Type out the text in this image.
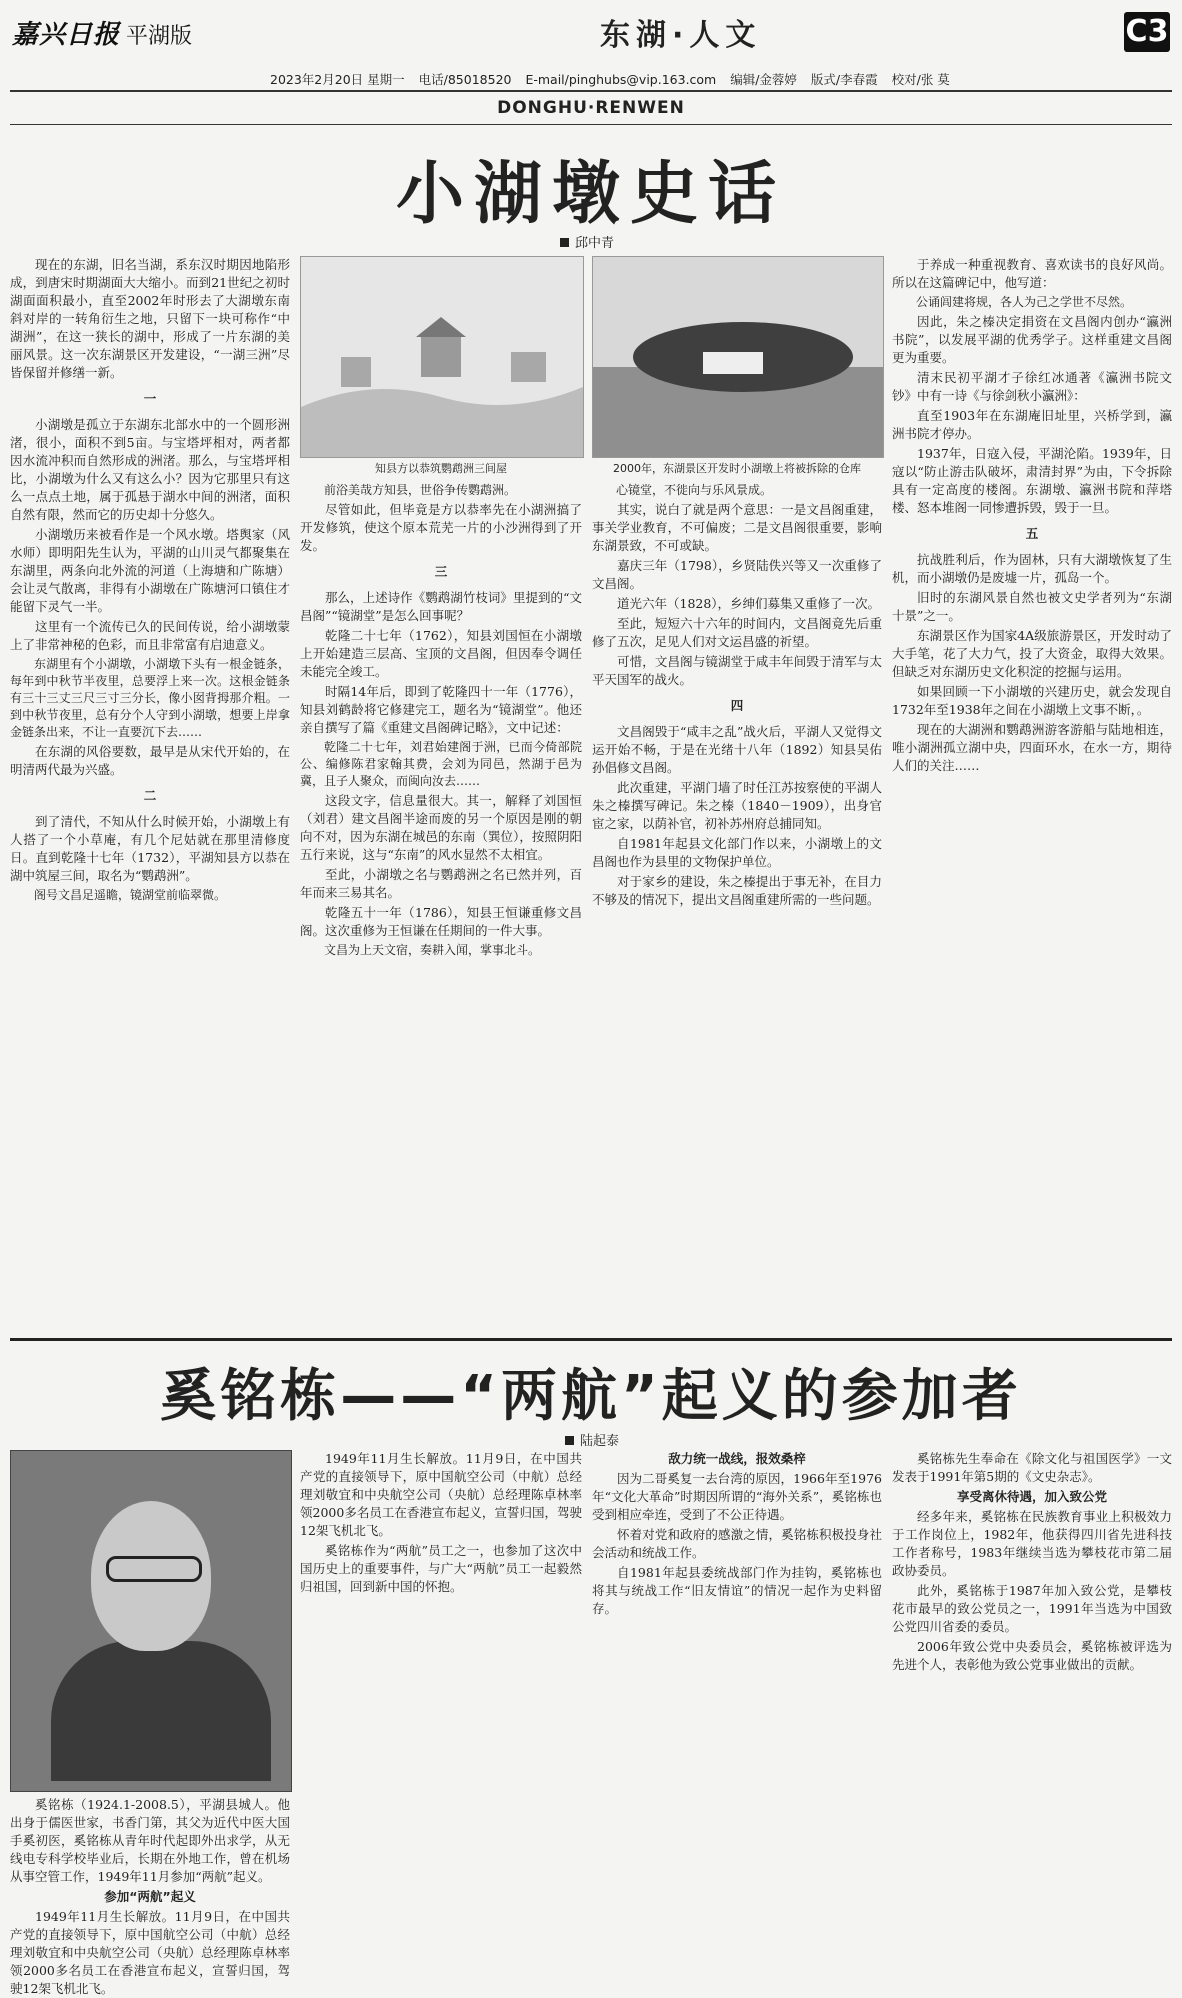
嘉兴日报 平湖版	东湖·人文	C3
2023年2月20日 星期一 电话/85018520 E-mail/pinghubs@vip.163.com 编辑/金蓉婷 版式/李春霞 校对/张 莫
DONGHU·RENWEN
小湖墩史话
邱中青

现在的东湖，旧名当湖，系东汉时期因地陷形成，到唐宋时期湖面大大缩小。而到21世纪之初时湖面面积最小，直至2002年时形去了大湖墩东南斜对岸的一转角衍生之地，只留下一块可称作“中湖洲”，在这一狭长的湖中，形成了一片东湖的美丽风景。这一次东湖景区开发建设，“一湖三洲”尽皆保留并修缮一新。

一

小湖墩是孤立于东湖东北部水中的一个圆形洲渚，很小，面积不到5亩。与宝塔坪相对，两者都因水流冲积而自然形成的洲渚。那么，与宝塔坪相比，小湖墩为什么又有这么小？因为它那里只有这么一点点土地，属于孤悬于湖水中间的洲渚，面积自然有限，然而它的历史却十分悠久。

小湖墩历来被看作是一个风水墩。塔舆家（风水师）即明阳先生认为，平湖的山川灵气都聚集在东湖里，两条向北外流的河道（上海塘和广陈塘）会让灵气散离，非得有小湖墩在广陈塘河口镇住才能留下灵气一半。

这里有一个流传已久的民间传说，给小湖墩蒙上了非常神秘的色彩，而且非常富有启迪意义。

东湖里有个小湖墩，小湖墩下头有一根金链条，每年到中秋节半夜里，总要浮上来一次。这根金链条有三十三丈三尺三寸三分长，像小囡背拇那介粗。一到中秋节夜里，总有分个人守到小湖墩，想要上岸拿金链条出来，不让一直要沉下去……

在东湖的风俗要数，最早是从宋代开始的，在明清两代最为兴盛。

二

到了清代，不知从什么时候开始，小湖墩上有人搭了一个小草庵，有几个尼姑就在那里清修度日。直到乾隆十七年（1732），平湖知县方以恭在湖中筑屋三间，取名为“鹦鹉洲”。

阁号文昌足遥瞻，镜湖堂前临翠微。

知县方以恭筑鹦鹉洲三间屋	2000年，东湖景区开发时小湖墩上将被拆除的仓库

前浴美哉方知县，世俗争传鹦鹉洲。

尽管如此，但毕竟是方以恭率先在小湖洲搞了开发修筑，使这个原本荒芜一片的小沙洲得到了开发。

三

那么，上述诗作《鹦鹉湖竹枝词》里提到的“文昌阁”“镜湖堂”是怎么回事呢？

乾隆二十七年（1762），知县刘国恒在小湖墩上开始建造三层高、宝顶的文昌阁，但因奉令调任未能完全竣工。

时隔14年后，即到了乾隆四十一年（1776），知县刘鹤龄将它修建完工，题名为“镜湖堂”。他还亲自撰写了篇《重建文昌阁碑记略》，文中记述：

乾隆二十七年，刘君始建阁于洲，已而今倚部院公、编修陈君家翰其费，会刘为同邑，然湖于邑为冀，且子人聚众，而闽向汝去……

这段文字，信息量很大。其一，解释了刘国恒（刘君）建文昌阁半途而废的另一个原因是刚的朝向不对，因为东湖在城邑的东南（巽位），按照阴阳五行来说，这与“东南”的风水显然不太相宜。

至此，小湖墩之名与鹦鹉洲之名已然并列，百年而来三易其名。

乾隆五十一年（1786），知县王恒谦重修文昌阁。这次重修为王恒谦在任期间的一件大事。

文昌为上天文宿，奏耕入闻，掌事北斗。

心镜堂，不徙向与乐风景成。

其实，说白了就是两个意思：一是文昌阁重建，事关学业教育，不可偏废；二是文昌阁很重要，影响东湖景致，不可或缺。

嘉庆三年（1798），乡贤陆佚兴等又一次重修了文昌阁。

道光六年（1828），乡绅们募集又重修了一次。

至此，短短六十六年的时间内，文昌阁竟先后重修了五次，足见人们对文运昌盛的祈望。

可惜，文昌阁与镜湖堂于咸丰年间毁于清军与太平天国军的战火。

四

文昌阁毁于“咸丰之乱”战火后，平湖人又觉得文运开始不畅，于是在光绪十八年（1892）知县吴佑孙倡修文昌阁。

此次重建，平湖门墙了时任江苏按察使的平湖人朱之榛撰写碑记。朱之榛（1840－1909），出身官宦之家，以荫补官，初补苏州府总捕同知。

自1981年起县文化部门作以来，小湖墩上的文昌阁也作为县里的文物保护单位。

对于家乡的建设，朱之榛提出于事无补，在目力不够及的情况下，提出文昌阁重建所需的一些问题。

于养成一种重视教育、喜欢读书的良好风尚。所以在这篇碑记中，他写道：

公诵闾建将规，各人为己之学世不尽然。

因此，朱之榛决定捐资在文昌阁内创办“瀛洲书院”，以发展平湖的优秀学子。这样重建文昌阁更为重要。

清末民初平湖才子徐红冰通著《瀛洲书院文钞》中有一诗《与徐剑秋小瀛洲》：

直至1903年在东湖庵旧址里，兴桥学到，瀛洲书院才停办。

1937年，日寇入侵，平湖沦陷。1939年，日寇以“防止游击队破坏，肃清封界”为由，下令拆除具有一定高度的楼阁。东湖墩、瀛洲书院和萍塔楼、怒本堆阁一同惨遭拆毁，毁于一旦。

五

抗战胜利后，作为固林，只有大湖墩恢复了生机，而小湖墩仍是废墟一片，孤岛一个。

旧时的东湖风景自然也被文史学者列为“东湖十景”之一。

东湖景区作为国家4A级旅游景区，开发时动了大手笔，花了大力气，投了大资金，取得大效果。但缺乏对东湖历史文化积淀的挖掘与运用。

如果回顾一下小湖墩的兴建历史，就会发现自1732年至1938年之间在小湖墩上文事不断，。

现在的大湖洲和鹦鹉洲游客游船与陆地相连，唯小湖洲孤立湖中央，四面环水，在水一方，期待人们的关注……

奚铭栋——“两航”起义的参加者
陆起泰

奚铭栋（1924.1-2008.5），平湖县城人。他出身于儒医世家，书香门第，其父为近代中医大国手奚初医，奚铭栋从青年时代起即外出求学，从无线电专科学校毕业后，长期在外地工作，曾在机场从事空管工作，1949年11月参加“两航”起义。

参加“两航”起义

1949年11月生长解放。11月9日，在中国共产党的直接领导下，原中国航空公司（中航）总经理刘敬宜和中央航空公司（央航）总经理陈卓林率领2000多名员工在香港宣布起义，宣誓归国，驾驶12架飞机北飞。

1949年11月生长解放。11月9日，在中国共产党的直接领导下，原中国航空公司（中航）总经理刘敬宜和中央航空公司（央航）总经理陈卓林率领2000多名员工在香港宣布起义，宣誓归国，驾驶12架飞机北飞。

奚铭栋作为“两航”员工之一，也参加了这次中国历史上的重要事件，与广大“两航”员工一起毅然归祖国，回到新中国的怀抱。

敌力统一战线，报效桑梓

因为二哥奚复一去台湾的原因，1966年至1976年“文化大革命”时期因所谓的“海外关系”，奚铭栋也受到相应牵连，受到了不公正待遇。

怀着对党和政府的感激之情，奚铭栋积极投身社会活动和统战工作。

自1981年起县委统战部门作为挂钩，奚铭栋也将其与统战工作“旧友情谊”的情况一起作为史料留存。

奚铭栋先生奉命在《除文化与祖国医学》一文发表于1991年第5期的《文史杂志》。

享受离休待遇，加入致公党

经多年来，奚铭栋在民族教育事业上积极效力于工作岗位上，1982年，他获得四川省先进科技工作者称号，1983年继续当选为攀枝花市第二届政协委员。

此外，奚铭栋于1987年加入致公党，是攀枝花市最早的致公党员之一，1991年当选为中国致公党四川省委的委员。

2006年致公党中央委员会，奚铭栋被评选为先进个人，表彰他为致公党事业做出的贡献。
